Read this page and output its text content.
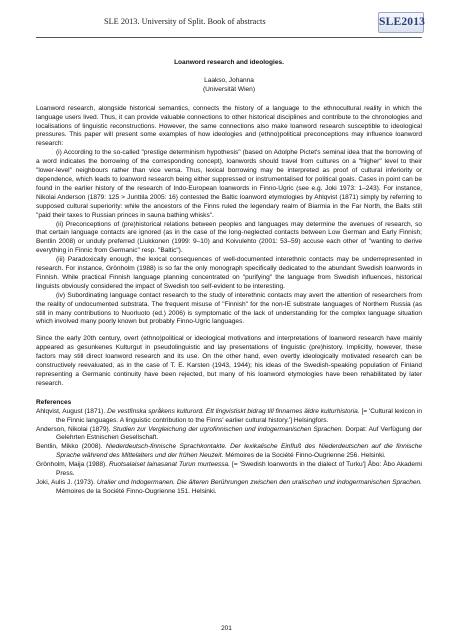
SLE 2013. University of Split. Book of abstracts	SLE2013
Loanword research and ideologies.
Laakso, Johanna
(Universität Wien)

Loanword research, alongside historical semantics, connects the history of a language to the ethnocultural reality in which the language users lived. Thus, it can provide valuable connections to other historical disciplines and contribute to the chronologies and localisations of linguistic reconstructions. However, the same connections also make loanword research susceptible to ideological pressures. This paper will present some examples of how ideologies and (ethno)political preconceptions may influence loanword research:

(i) According to the so-called "prestige determinism hypothesis" (based on Adolphe Pictet's seminal idea that the borrowing of a word indicates the borrowing of the corresponding concept), loanwords should travel from cultures on a "higher" level to their "lower-level" neighbours rather than vice versa. Thus, lexical borrowing may be interpreted as proof of cultural inferiority or dependence, which leads to loanword research being either suppressed or instrumentalised for political goals. Cases in point can be found in the earlier history of the research of Indo-European loanwords in Finno-Ugric (see e.g. Joki 1973: 1–243). For instance, Nikolai Anderson (1879: 125 > Junttila 2005: 16) contested the Baltic loanword etymologies by Ahlqvist (1871) simply by referring to supposed cultural superiority: while the ancestors of the Finns ruled the legendary realm of Biarmia in the Far North, the Balts still "paid their taxes to Russian princes in sauna bathing whisks".

(ii) Preconceptions of (pre)historical relations between peoples and languages may determine the avenues of research, so that certain language contacts are ignored (as in the case of the long-neglected contacts between Low German and Early Finnish; Bentlin 2008) or unduly preferred (Liukkonen (1999: 9–10) and Koivulehto (2001: 53–59) accuse each other of "wanting to derive everything in Finnic from Germanic" resp. "Baltic").

(iii) Paradoxically enough, the lexical consequences of well-documented interethnic contacts may be underrepresented in research. For instance, Grönholm (1988) is so far the only monograph specifically dedicated to the abundant Swedish loanwords in Finnish. While practical Finnish language planning concentrated on "purifying" the language from Swedish influences, historical linguists obviously considered the impact of Swedish too self-evident to be interesting.

(iv) Subordinating language contact research to the study of interethnic contacts may avert the attention of researchers from the reality of undocumented substrata. The frequent misuse of "Finnish" for the non-IE substrate languages of Northern Russia (as still in many contributions to Nuorluoto (ed.) 2006) is symptomatic of the lack of understanding for the complex language situation which involved many poorly known but probably Finno-Ugric languages.

Since the early 20th century, overt (ethno)political or ideological motivations and interpretations of loanword research have mainly appeared as gesunkenes Kulturgut in pseudolinguistic and lay presentations of linguistic (pre)history. Implicitly, however, these factors may still direct loanword research and its use. On the other hand, even overtly ideologically motivated research can be constructively reevaluated, as in the case of T. E. Karsten (1943, 1944); his ideas of the Swedish-speaking population of Finland representing a Germanic continuity have been rejected, but many of his loanword etymologies have been rehabilitated by later research.

References
Ahlqvist, August (1871). De vestfinska språkens kulturord. Ett lingvistiskt bidrag till finnarnes äldre kulturhistoria. [= 'Cultural lexicon in the Finnic languages. A linguistic contribution to the Finns' earlier cultural history.'] Helsingfors.
Anderson, Nikolai (1879). Studien zur Vergleichung der ugrofinnischen und indogermanischen Sprachen. Dorpat: Auf Verfügung der Gelehrten Estnischen Gesellschaft.
Bentlin, Mikko (2008). Niederdeutsch-finnische Sprachkontakte. Der lexikalische Einfluß des Niederdeutschen auf die finnische Sprache während des Mittelalters und der frühen Neuzeit. Mémoires de la Société Finno-Ougrienne 256. Helsinki.
Grönholm, Maija (1988). Ruotsalaiset lainasanat Turun murteessa. [= 'Swedish loanwords in the dialect of Turku'] Åbo: Åbo Akademi Press.
Joki, Aulis J. (1973). Uralier und Indogermanen. Die älteren Berührungen zwischen den uralischen und indogermanischen Sprachen. Mémoires de la Société Finno-Ougrienne 151. Helsinki.
201
